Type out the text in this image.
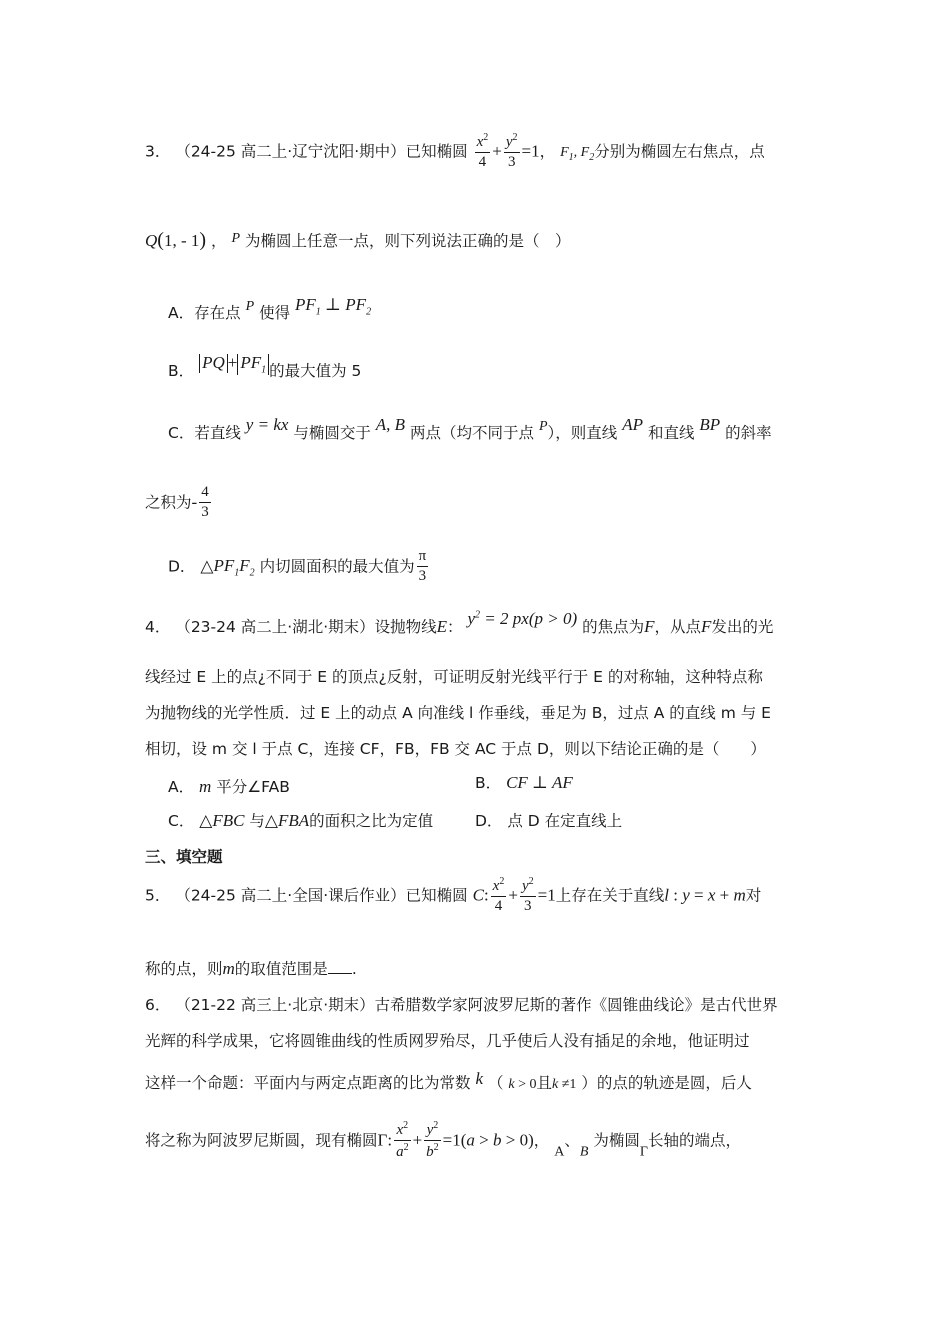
3． （24-25 高二上·辽宁沈阳·期中）已知椭圆 $\frac{x^2}{4} + \frac{y^2}{3} =1$， $F_1$, $F_2$分别为椭圆左右焦点，点
Q(1, - 1) ， P 为椭圆上任意一点，则下列说法正确的是（　）
A．存在点 P 使得 $PF_1$ ⊥ $PF_2$
B． PQ + $PF_1$ 的最大值为 5
C．若直线 y = kx 与椭圆交于 A, B 两点（均不同于点 P），则直线 AP 和直线 BP 的斜率
之积为- $\frac{4}{3}$
D． $\triangle PF_1F_2$ 内切圆面积的最大值为 $\frac{\pi}{3}$
4． （23-24 高二上·湖北·期末）设抛物线E： $y^2 = 2$ px(p > 0) 的焦点为F，从点F发出的光
线经过 E 上的点¿不同于 E 的顶点¿反射，可证明反射光线平行于 E 的对称轴，这种特点称
为抛物线的光学性质．过 E 上的动点 A 向准线 l 作垂线，垂足为 B，过点 A 的直线 m 与 E
相切，设 m 交 l 于点 C，连接 CF，FB，FB 交 AC 于点 D，则以下结论正确的是（　　）
A． m 平分∠FAB	B． CF ⊥ AF
C． △FBC 与△FBA的面积之比为定值	D． 点 D 在定直线上
三、填空题
5． （24-25 高二上·全国·课后作业）已知椭圆 C: $\frac{x^2}{4} + \frac{y^2}{3} =1$上存在关于直线l : y = x + m对
称的点，则m的取值范围是 .
6． （21-22 高三上·北京·期末）古希腊数学家阿波罗尼斯的著作《圆锥曲线论》是古代世界
光辉的科学成果，它将圆锥曲线的性质网罗殆尽，几乎使后人没有插足的余地，他证明过
这样一个命题：平面内与两定点距离的比为常数 k （ k > 0且k ≠1 ）的点的轨迹是圆，后人
将之称为阿波罗尼斯圆，现有椭圆Γ: $\frac{x^2}{a^2} + \frac{y^2}{b^2} =1(a > b > 0)$， A、B 为椭圆Γ长轴的端点，
